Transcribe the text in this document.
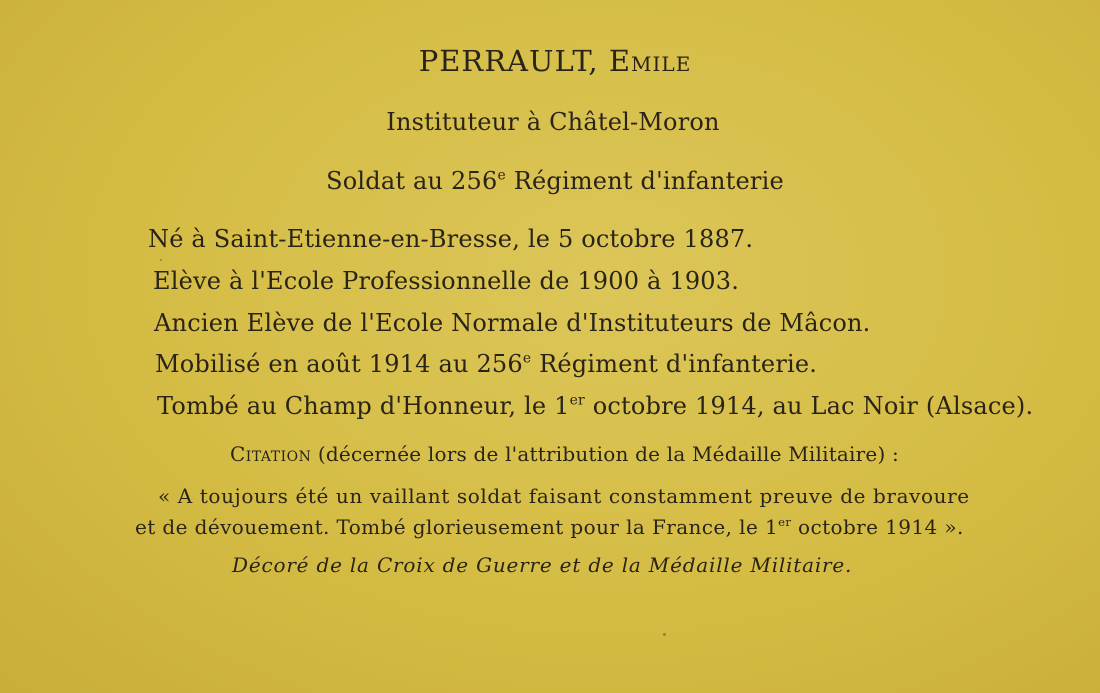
PERRAULT, Emile
Instituteur à Châtel-Moron
Soldat au 256e Régiment d'infanterie
Né à Saint-Etienne-en-Bresse, le 5 octobre 1887.
Elève à l'Ecole Professionnelle de 1900 à 1903.
Ancien Elève de l'Ecole Normale d'Instituteurs de Mâcon.
Mobilisé en août 1914 au 256e Régiment d'infanterie.
Tombé au Champ d'Honneur, le 1er octobre 1914, au Lac Noir (Alsace).
Citation (décernée lors de l'attribution de la Médaille Militaire) :
« A toujours été un vaillant soldat faisant constamment preuve de bravoure
et de dévouement. Tombé glorieusement pour la France, le 1er octobre 1914 ».
Décoré de la Croix de Guerre et de la Médaille Militaire.
